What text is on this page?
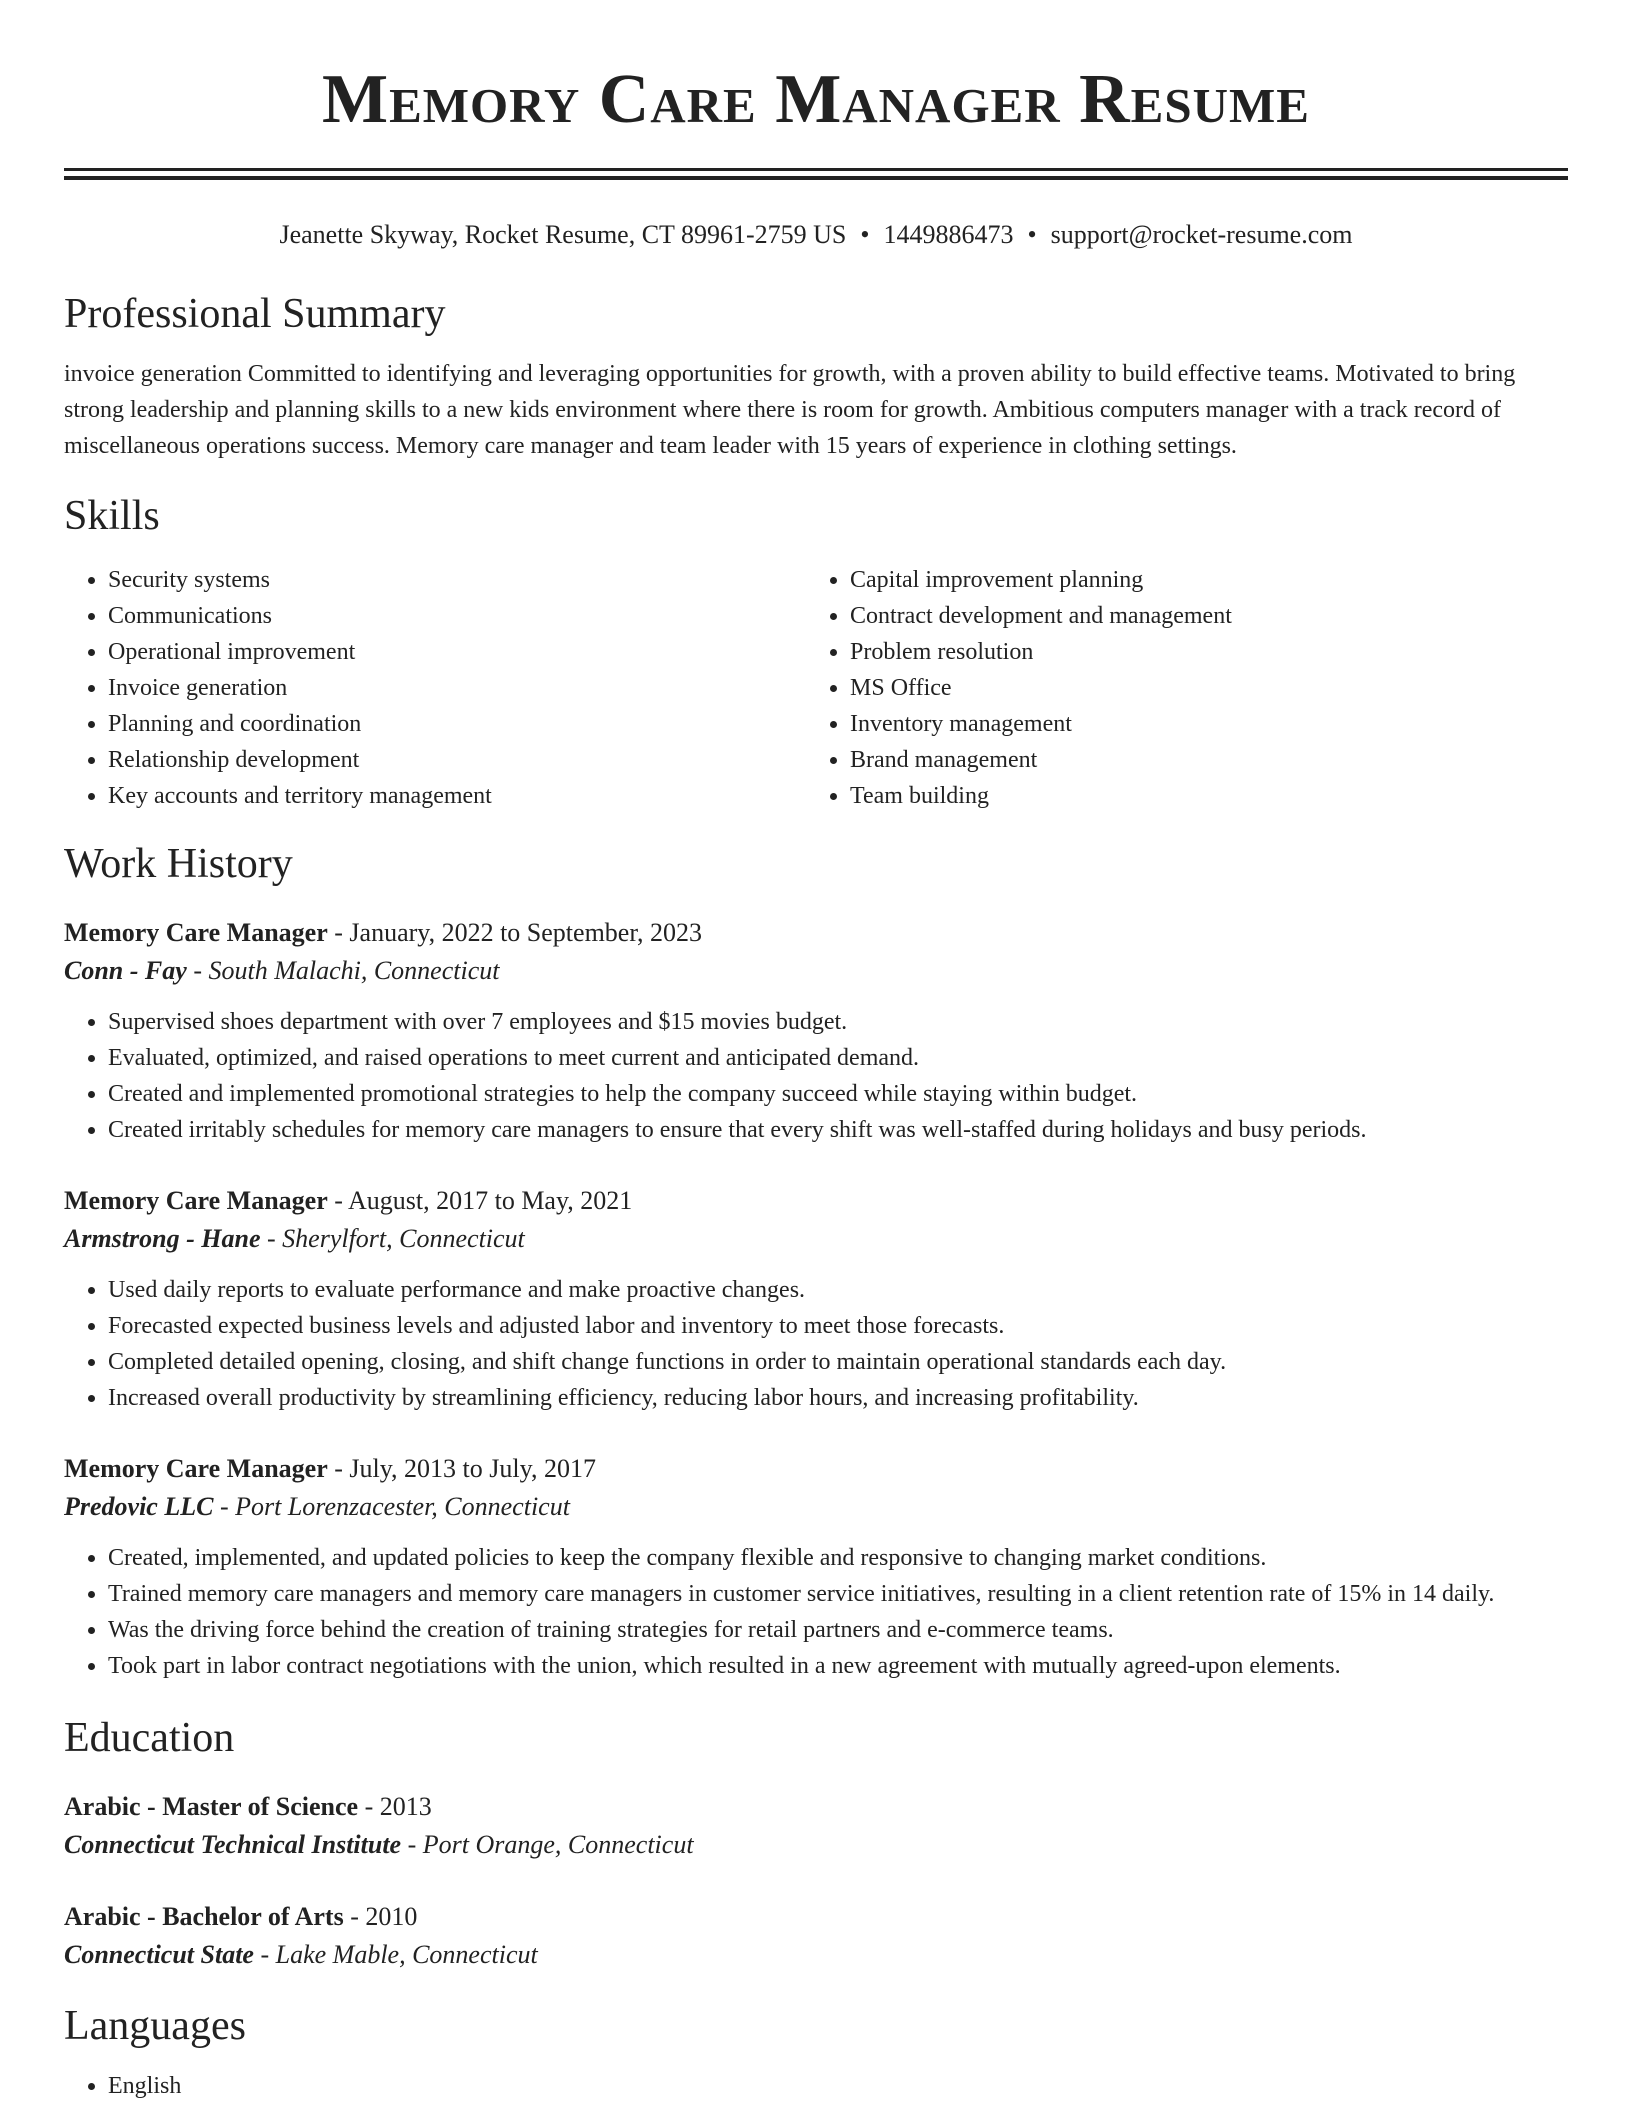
Memory Care Manager Resume
Jeanette Skyway, Rocket Resume, CT 89961-2759 US • 1449886473 • support@rocket-resume.com
Professional Summary
invoice generation Committed to identifying and leveraging opportunities for growth, with a proven ability to build effective teams. Motivated to bring strong leadership and planning skills to a new kids environment where there is room for growth. Ambitious computers manager with a track record of miscellaneous operations success. Memory care manager and team leader with 15 years of experience in clothing settings.
Skills
• Security systems
• Communications
• Operational improvement
• Invoice generation
• Planning and coordination
• Relationship development
• Key accounts and territory management
• Capital improvement planning
• Contract development and management
• Problem resolution
• MS Office
• Inventory management
• Brand management
• Team building
Work History
Memory Care Manager - January, 2022 to September, 2023
Conn - Fay - South Malachi, Connecticut
• Supervised shoes department with over 7 employees and $15 movies budget.
• Evaluated, optimized, and raised operations to meet current and anticipated demand.
• Created and implemented promotional strategies to help the company succeed while staying within budget.
• Created irritably schedules for memory care managers to ensure that every shift was well-staffed during holidays and busy periods.
Memory Care Manager - August, 2017 to May, 2021
Armstrong - Hane - Sherylfort, Connecticut
• Used daily reports to evaluate performance and make proactive changes.
• Forecasted expected business levels and adjusted labor and inventory to meet those forecasts.
• Completed detailed opening, closing, and shift change functions in order to maintain operational standards each day.
• Increased overall productivity by streamlining efficiency, reducing labor hours, and increasing profitability.
Memory Care Manager - July, 2013 to July, 2017
Predovic LLC - Port Lorenzacester, Connecticut
• Created, implemented, and updated policies to keep the company flexible and responsive to changing market conditions.
• Trained memory care managers and memory care managers in customer service initiatives, resulting in a client retention rate of 15% in 14 daily.
• Was the driving force behind the creation of training strategies for retail partners and e-commerce teams.
• Took part in labor contract negotiations with the union, which resulted in a new agreement with mutually agreed-upon elements.
Education
Arabic - Master of Science - 2013
Connecticut Technical Institute - Port Orange, Connecticut
Arabic - Bachelor of Arts - 2010
Connecticut State - Lake Mable, Connecticut
Languages
• English
